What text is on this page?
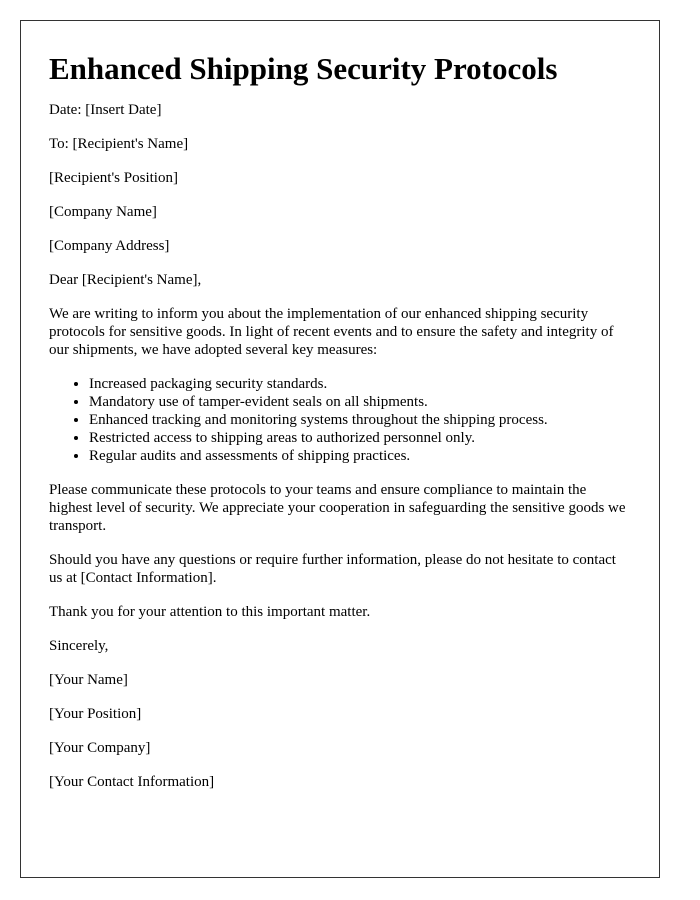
Enhanced Shipping Security Protocols

Date: [Insert Date]

To: [Recipient's Name]

[Recipient's Position]

[Company Name]

[Company Address]

Dear [Recipient's Name],

We are writing to inform you about the implementation of our enhanced shipping security protocols for sensitive goods. In light of recent events and to ensure the safety and integrity of our shipments, we have adopted several key measures:

• Increased packaging security standards.
• Mandatory use of tamper-evident seals on all shipments.
• Enhanced tracking and monitoring systems throughout the shipping process.
• Restricted access to shipping areas to authorized personnel only.
• Regular audits and assessments of shipping practices.

Please communicate these protocols to your teams and ensure compliance to maintain the highest level of security. We appreciate your cooperation in safeguarding the sensitive goods we transport.

Should you have any questions or require further information, please do not hesitate to contact us at [Contact Information].

Thank you for your attention to this important matter.

Sincerely,

[Your Name]

[Your Position]

[Your Company]

[Your Contact Information]
